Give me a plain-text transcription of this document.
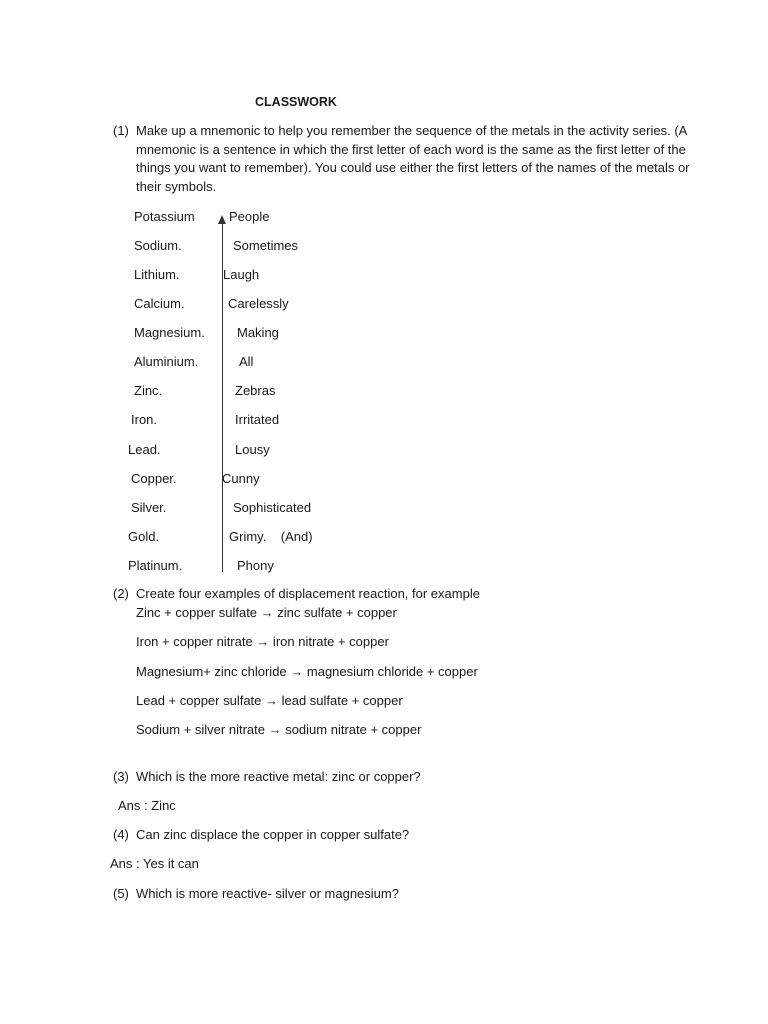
CLASSWORK
(1) Make up a mnemonic to help you remember the sequence of the metals in the activity series. (A mnemonic is a sentence in which the first letter of each word is the same as the first letter of the things you want to remember). You could use either the first letters of the names of the metals or their symbols.
Potassium
Sodium.
Lithium.
Calcium.
Magnesium.
Aluminium.
Zinc.
Iron.
Lead.
Copper.
Silver.
Gold.
Platinum.
People
Sometimes
Laugh
Carelessly
Making
All
Zebras
Irritated
Lousy
Cunny
Sophisticated
Grimy.    (And)
Phony
(2) Create four examples of displacement reaction, for example
Zinc + copper sulfate → zinc sulfate + copper
Iron + copper nitrate → iron nitrate + copper
Magnesium+ zinc chloride → magnesium chloride + copper
Lead + copper sulfate → lead sulfate + copper
Sodium + silver nitrate → sodium nitrate + copper
(3) Which is the more reactive metal: zinc or copper?
Ans : Zinc
(4) Can zinc displace the copper in copper sulfate?
Ans : Yes it can
(5) Which is more reactive- silver or magnesium?
